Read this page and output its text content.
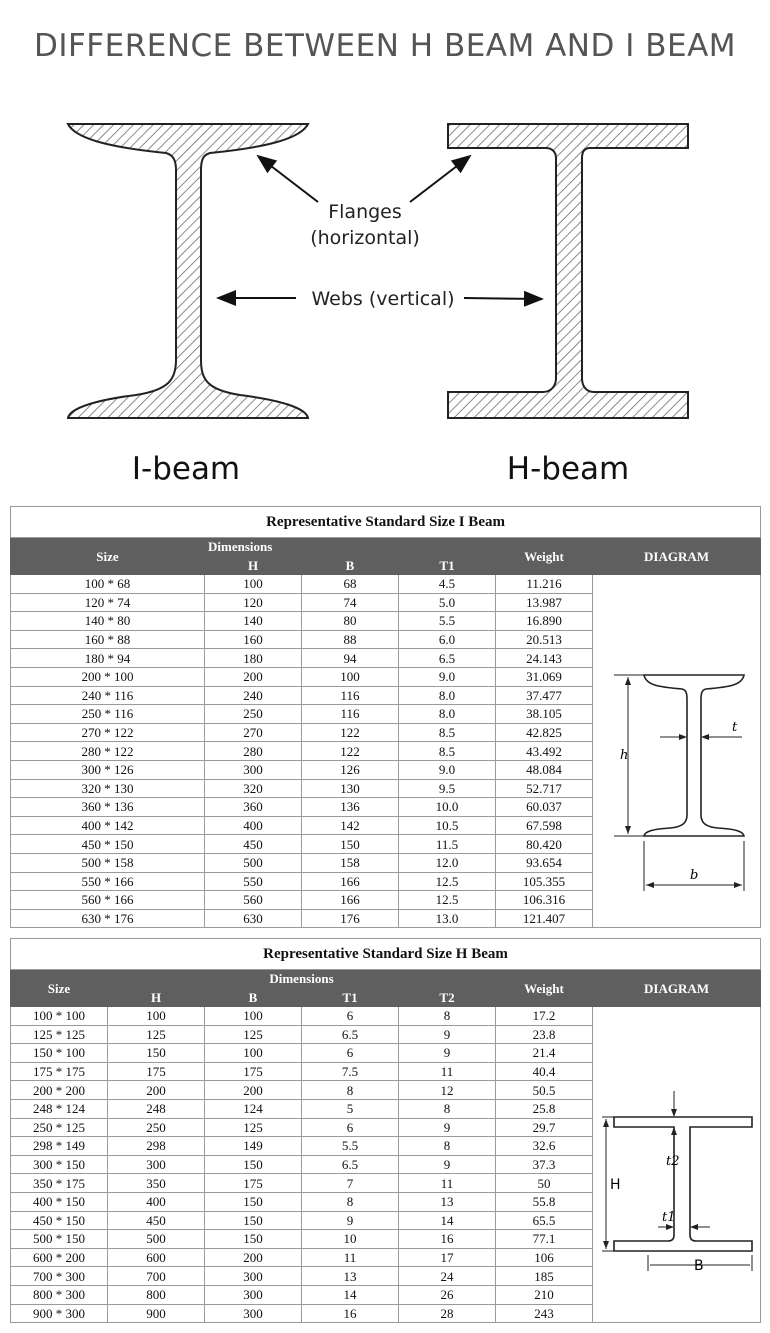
DIFFERENCE BETWEEN H BEAM AND I BEAM
Flanges
(horizontal)
Webs (vertical)
I-beam	H-beam
Representative Standard Size I Beam					
Size	Dimensions			Weight	DIAGRAM
	H	B	T1		
100 * 68	100	68	4.5	11.216	h
t
b

120 * 74	120	74	5.0	13.987	
140 * 80	140	80	5.5	16.890	
160 * 88	160	88	6.0	20.513	
180 * 94	180	94	6.5	24.143	
200 * 100	200	100	9.0	31.069	
240 * 116	240	116	8.0	37.477	
250 * 116	250	116	8.0	38.105	
270 * 122	270	122	8.5	42.825	
280 * 122	280	122	8.5	43.492	
300 * 126	300	126	9.0	48.084	
320 * 130	320	130	9.5	52.717	
360 * 136	360	136	10.0	60.037	
400 * 142	400	142	10.5	67.598	
450 * 150	450	150	11.5	80.420	
500 * 158	500	158	12.0	93.654	
550 * 166	550	166	12.5	105.355	
560 * 166	560	166	12.5	106.316	
630 * 176	630	176	13.0	121.407	
Representative Standard Size H Beam						
Size	Dimensions				Weight	DIAGRAM
	H	B	T1	T2		
100 * 100	100	100	6	8	17.2	H
t2
t1
B

125 * 125	125	125	6.5	9	23.8	
150 * 100	150	100	6	9	21.4	
175 * 175	175	175	7.5	11	40.4	
200 * 200	200	200	8	12	50.5	
248 * 124	248	124	5	8	25.8	
250 * 125	250	125	6	9	29.7	
298 * 149	298	149	5.5	8	32.6	
300 * 150	300	150	6.5	9	37.3	
350 * 175	350	175	7	11	50	
400 * 150	400	150	8	13	55.8	
450 * 150	450	150	9	14	65.5	
500 * 150	500	150	10	16	77.1	
600 * 200	600	200	11	17	106	
700 * 300	700	300	13	24	185	
800 * 300	800	300	14	26	210	
900 * 300	900	300	16	28	243	
